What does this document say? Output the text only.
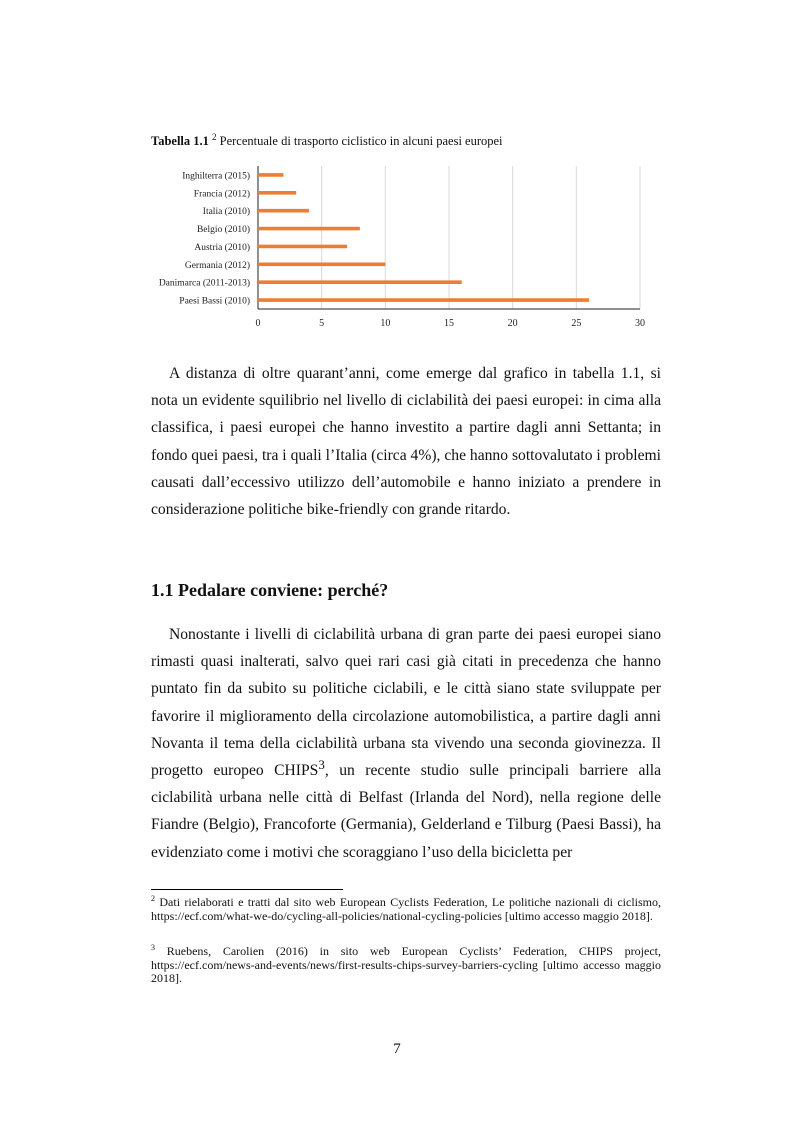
Tabella 1.1 $^2$ Percentuale di trasporto ciclistico in alcuni paesi europei
0	5	10	15	20	25	30
Inghilterra (2015)
Francia (2012)
Italia (2010)
Belgio (2010)
Austria (2010)
Germania (2012)
Danimarca (2011-2013)
Paesi Bassi (2010)

A distanza di oltre quarant’anni, come emerge dal grafico in tabella 1.1, si nota un evidente squilibrio nel livello di ciclabilità dei paesi europei: in cima alla classifica, i paesi europei che hanno investito a partire dagli anni Settanta; in fondo quei paesi, tra i quali l’Italia (circa 4%), che hanno sottovalutato i problemi causati dall’eccessivo utilizzo dell’automobile e hanno iniziato a prendere in considerazione politiche bike-friendly con grande ritardo.

1.1 Pedalare conviene: perché?

Nonostante i livelli di ciclabilità urbana di gran parte dei paesi europei siano rimasti quasi inalterati, salvo quei rari casi già citati in precedenza che hanno puntato fin da subito su politiche ciclabili, e le città siano state sviluppate per favorire il miglioramento della circolazione automobilistica, a partire dagli anni Novanta il tema della ciclabilità urbana sta vivendo una seconda giovinezza. Il progetto europeo CHIPS$^3$, un recente studio sulle principali barriere alla ciclabilità urbana nelle città di Belfast (Irlanda del Nord), nella regione delle Fiandre (Belgio), Francoforte (Germania), Gelderland e Tilburg (Paesi Bassi), ha evidenziato come i motivi che scoraggiano l’uso della bicicletta per

$^2$ Dati rielaborati e tratti dal sito web European Cyclists Federation, Le politiche nazionali di ciclismo, https://ecf.com/what-we-do/cycling-all-policies/national-cycling-policies [ultimo accesso maggio 2018].

$^3$ Ruebens, Carolien (2016) in sito web European Cyclists’ Federation, CHIPS project, https://ecf.com/news-and-events/news/first-results-chips-survey-barriers-cycling [ultimo accesso maggio 2018].

7
